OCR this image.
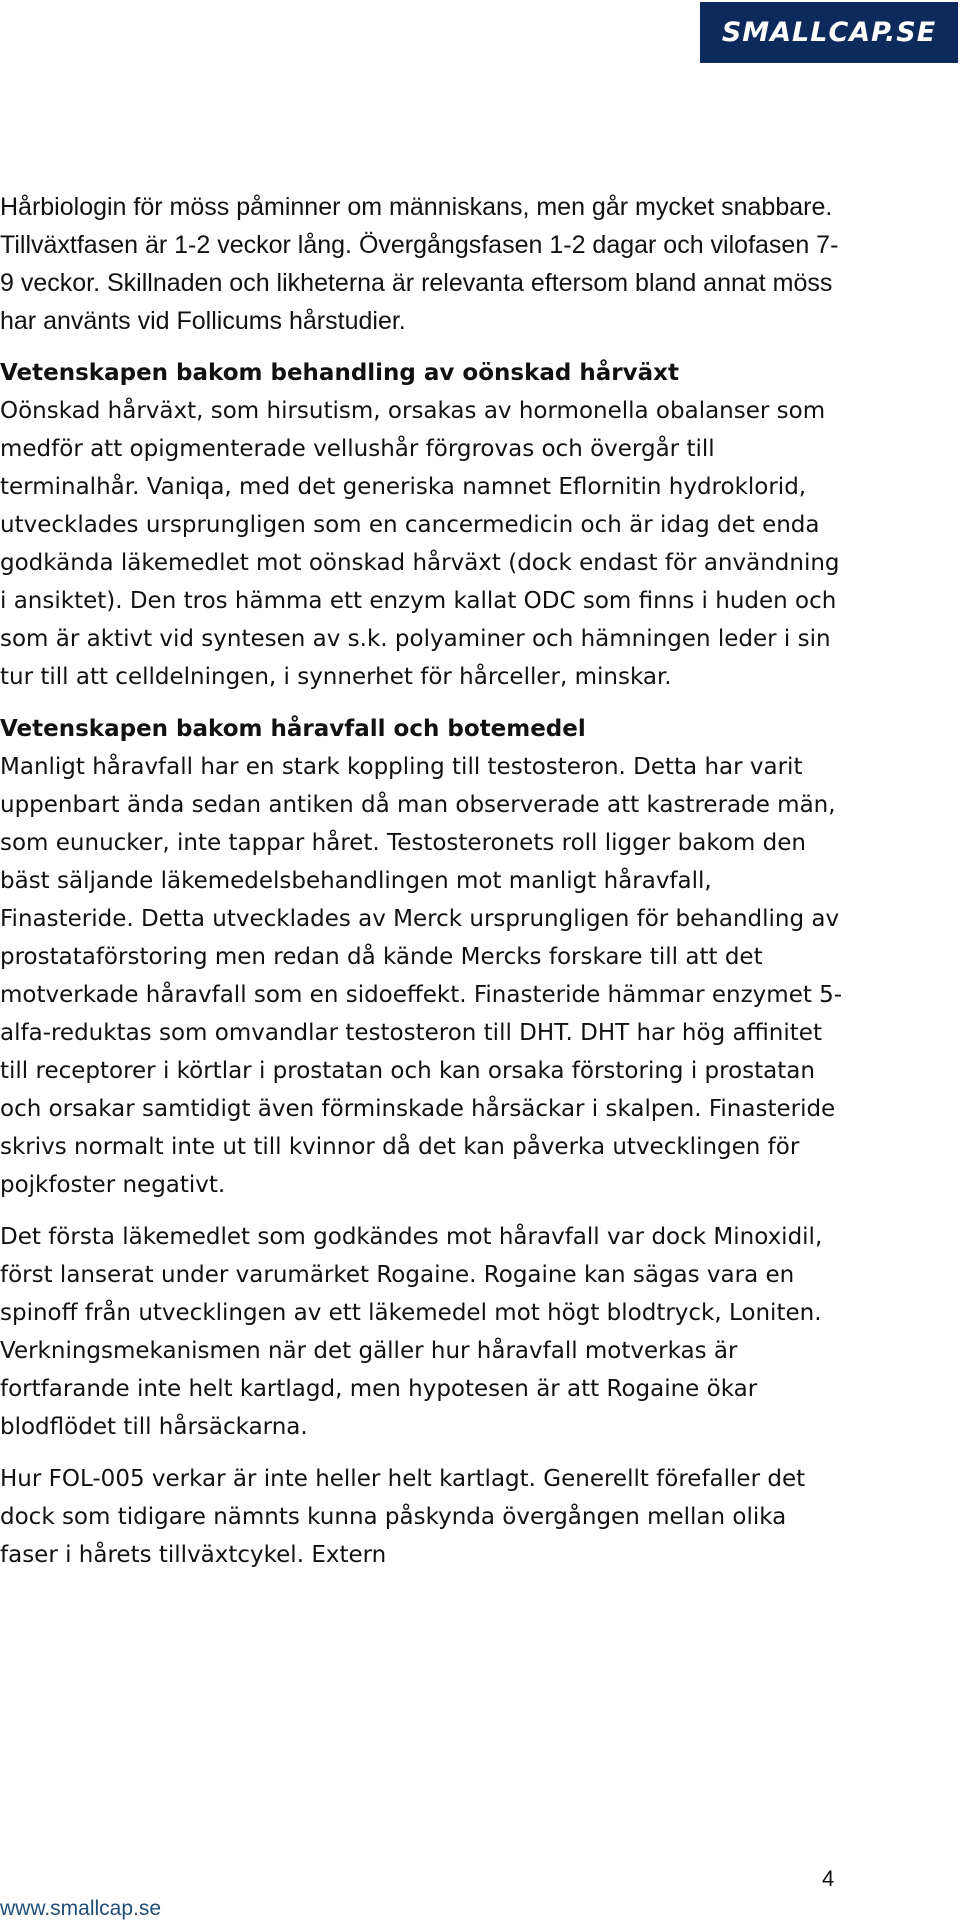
SMALLCAP.SE

Hårbiologin för möss påminner om människans, men går mycket snabbare. Tillväxtfasen är 1-2 veckor lång. Övergångsfasen 1-2 dagar och vilofasen 7-9 veckor. Skillnaden och likheterna är relevanta eftersom bland annat möss har använts vid Follicums hårstudier.

Vetenskapen bakom behandling av oönskad hårväxt

Oönskad hårväxt, som hirsutism, orsakas av hormonella obalanser som medför att opigmenterade vellushår förgrovas och övergår till terminalhår. Vaniqa, med det generiska namnet Eflornitin hydroklorid, utvecklades ursprungligen som en cancermedicin och är idag det enda godkända läkemedlet mot oönskad hårväxt (dock endast för användning i ansiktet). Den tros hämma ett enzym kallat ODC som finns i huden och som är aktivt vid syntesen av s.k. polyaminer och hämningen leder i sin tur till att celldelningen, i synnerhet för hårceller, minskar.

Vetenskapen bakom håravfall och botemedel

Manligt håravfall har en stark koppling till testosteron. Detta har varit uppenbart ända sedan antiken då man observerade att kastrerade män, som eunucker, inte tappar håret. Testosteronets roll ligger bakom den bäst säljande läkemedelsbehandlingen mot manligt håravfall, Finasteride. Detta utvecklades av Merck ursprungligen för behandling av prostataförstoring men redan då kände Mercks forskare till att det motverkade håravfall som en sidoeffekt. Finasteride hämmar enzymet 5-alfa-reduktas som omvandlar testosteron till DHT. DHT har hög affinitet till receptorer i körtlar i prostatan och kan orsaka förstoring i prostatan och orsakar samtidigt även förminskade hårsäckar i skalpen. Finasteride skrivs normalt inte ut till kvinnor då det kan påverka utvecklingen för pojkfoster negativt.

Det första läkemedlet som godkändes mot håravfall var dock Minoxidil, först lanserat under varumärket Rogaine. Rogaine kan sägas vara en spinoff från utvecklingen av ett läkemedel mot högt blodtryck, Loniten. Verkningsmekanismen när det gäller hur håravfall motverkas är fortfarande inte helt kartlagd, men hypotesen är att Rogaine ökar blodflödet till hårsäckarna.

Hur FOL-005 verkar är inte heller helt kartlagt. Generellt förefaller det dock som tidigare nämnts kunna påskynda övergången mellan olika faser i hårets tillväxtcykel. Extern

4
www.smallcap.se
